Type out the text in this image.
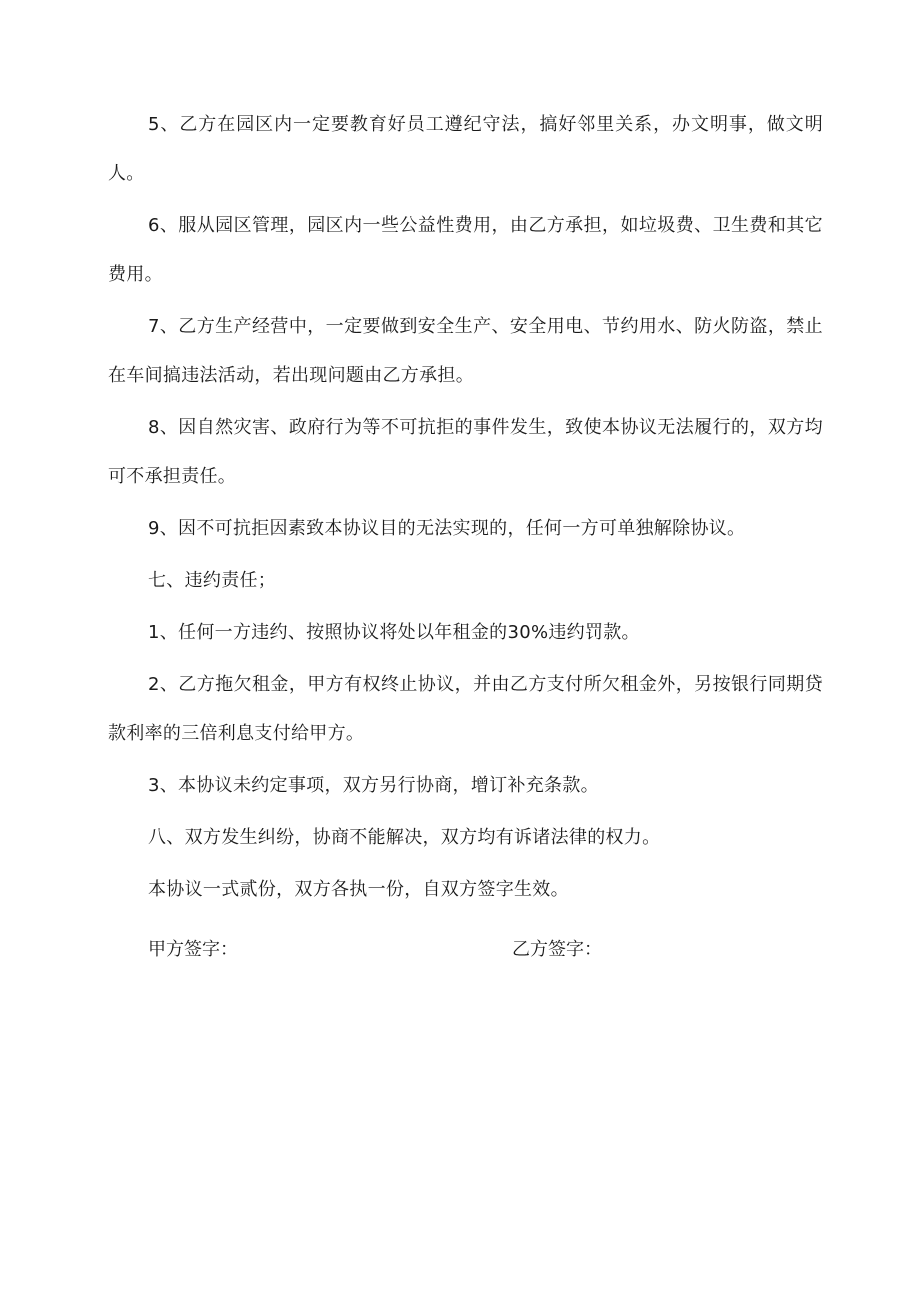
5、乙方在园区内一定要教育好员工遵纪守法，搞好邻里关系，办文明事，做文明人。

6、服从园区管理，园区内一些公益性费用，由乙方承担，如垃圾费、卫生费和其它费用。

7、乙方生产经营中，一定要做到安全生产、安全用电、节约用水、防火防盗，禁止在车间搞违法活动，若出现问题由乙方承担。

8、因自然灾害、政府行为等不可抗拒的事件发生，致使本协议无法履行的，双方均可不承担责任。

9、因不可抗拒因素致本协议目的无法实现的，任何一方可单独解除协议。

七、违约责任；

1、任何一方违约、按照协议将处以年租金的30%违约罚款。

2、乙方拖欠租金，甲方有权终止协议，并由乙方支付所欠租金外，另按银行同期贷款利率的三倍利息支付给甲方。

3、本协议未约定事项，双方另行协商，增订补充条款。

八、双方发生纠纷，协商不能解决，双方均有诉诸法律的权力。

本协议一式贰份，双方各执一份，自双方签字生效。

甲方签字：	乙方签字：
